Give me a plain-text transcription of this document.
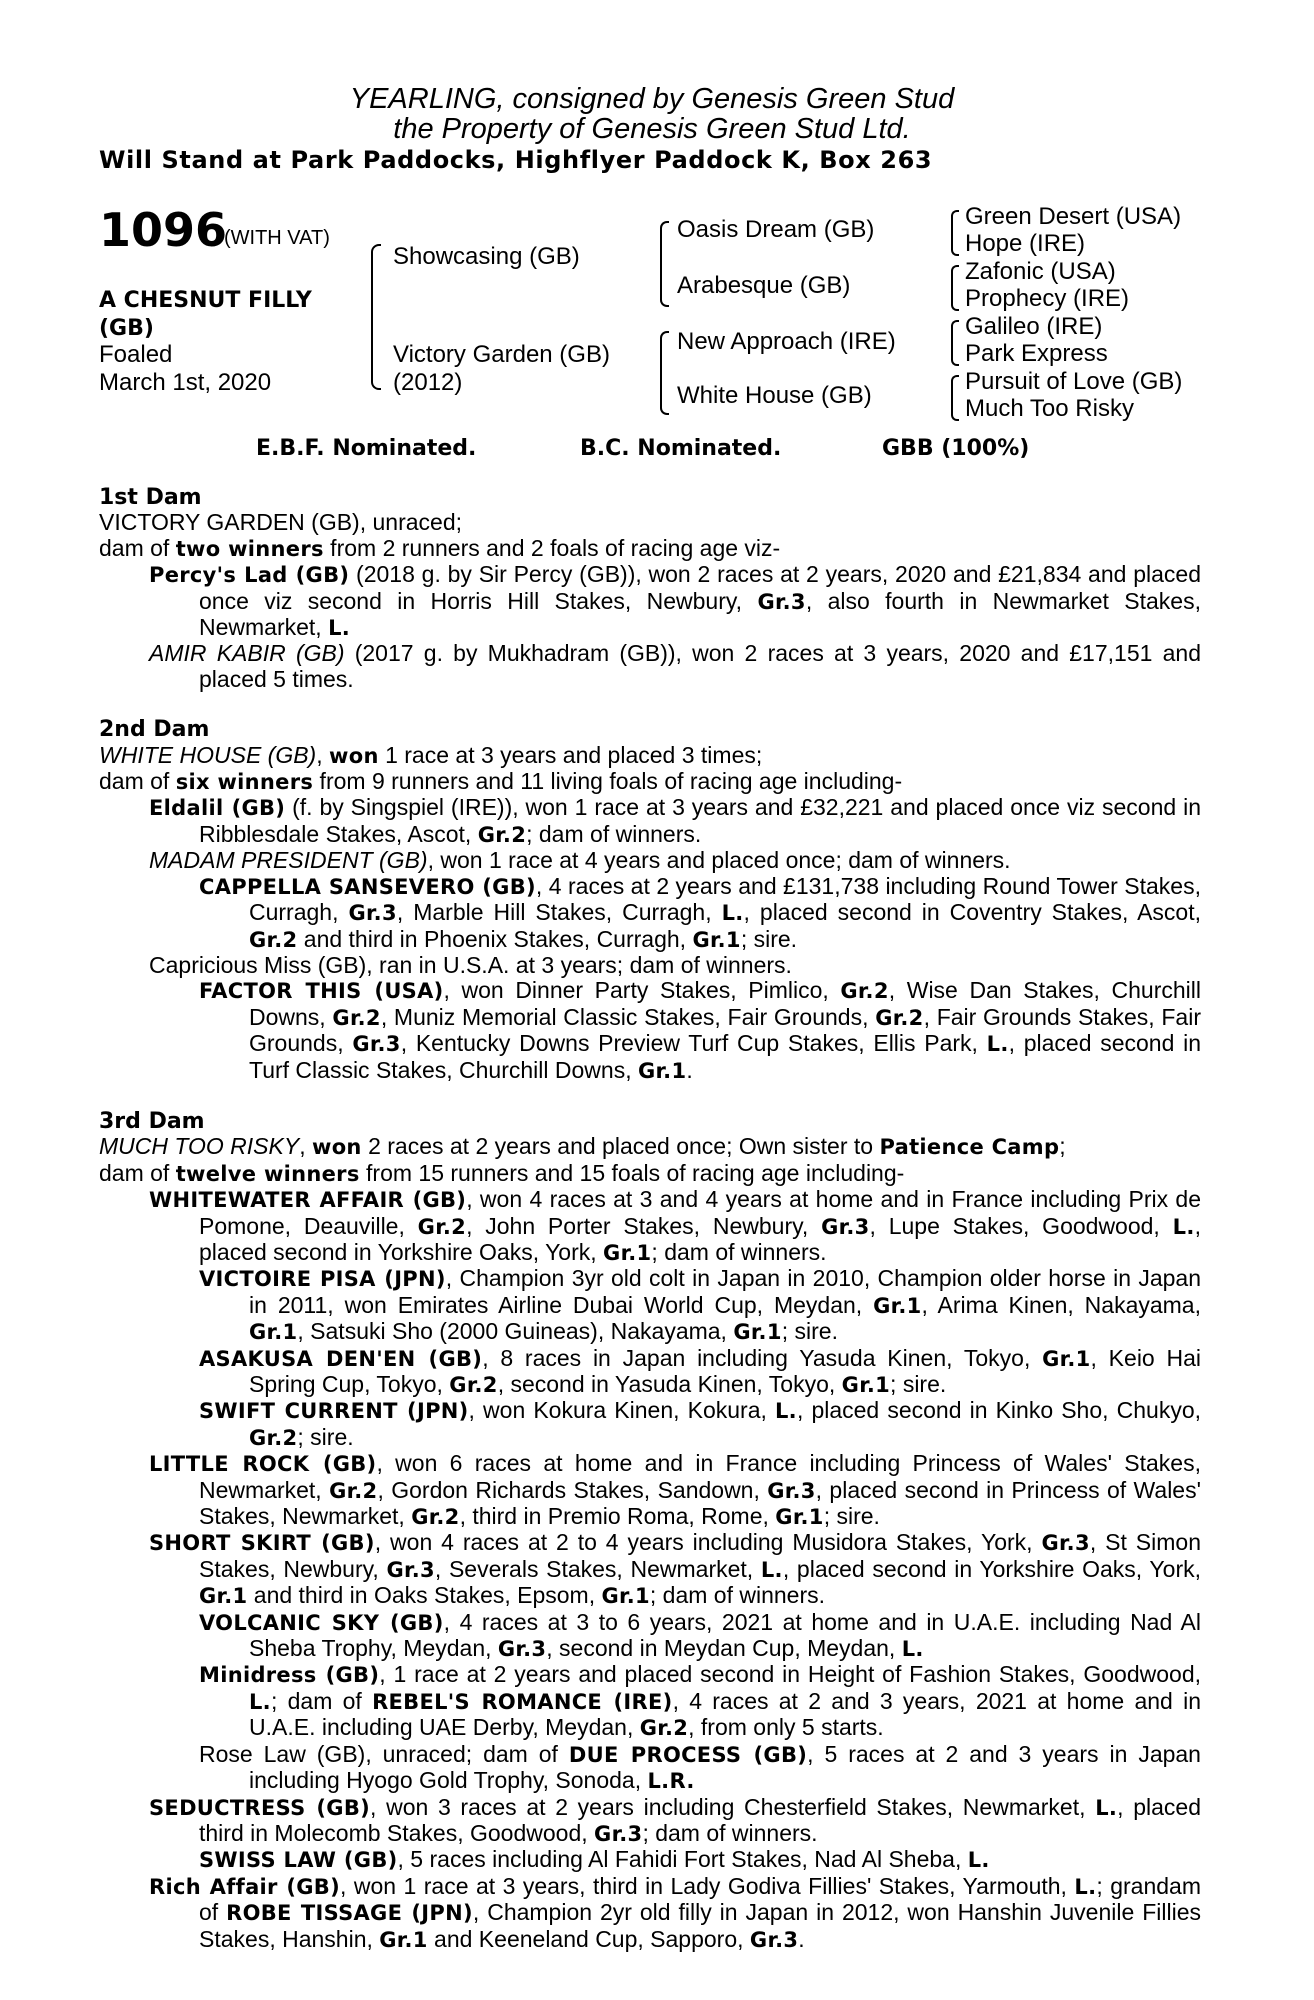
YEARLING, consigned by Genesis Green Stud
the Property of Genesis Green Stud Ltd.
Will Stand at Park Paddocks, Highflyer Paddock K, Box 263
1096
(WITH VAT)
A CHESNUT FILLY
(GB)
Foaled
March 1st, 2020
Showcasing (GB)
Victory Garden (GB)
(2012)
Oasis Dream (GB)
Arabesque (GB)
New Approach (IRE)
White House (GB)
Green Desert (USA)
Hope (IRE)
Zafonic (USA)
Prophecy (IRE)
Galileo (IRE)
Park Express
Pursuit of Love (GB)
Much Too Risky
E.B.F. Nominated.	B.C. Nominated.	GBB (100%)
1st Dam
VICTORY GARDEN (GB), unraced;
dam of two winners from 2 runners and 2 foals of racing age viz-
Percy's Lad (GB) (2018 g. by Sir Percy (GB)), won 2 races at 2 years, 2020 and £21,834 and placed once viz second in Horris Hill Stakes, Newbury, Gr.3, also fourth in Newmarket Stakes, Newmarket, L.
AMIR KABIR (GB) (2017 g. by Mukhadram (GB)), won 2 races at 3 years, 2020 and £17,151 and placed 5 times.
2nd Dam
WHITE HOUSE (GB), won 1 race at 3 years and placed 3 times;
dam of six winners from 9 runners and 11 living foals of racing age including-
Eldalil (GB) (f. by Singspiel (IRE)), won 1 race at 3 years and £32,221 and placed once viz second in Ribblesdale Stakes, Ascot, Gr.2; dam of winners.
MADAM PRESIDENT (GB), won 1 race at 4 years and placed once; dam of winners.
CAPPELLA SANSEVERO (GB), 4 races at 2 years and £131,738 including Round Tower Stakes, Curragh, Gr.3, Marble Hill Stakes, Curragh, L., placed second in Coventry Stakes, Ascot, Gr.2 and third in Phoenix Stakes, Curragh, Gr.1; sire.
Capricious Miss (GB), ran in U.S.A. at 3 years; dam of winners.
FACTOR THIS (USA), won Dinner Party Stakes, Pimlico, Gr.2, Wise Dan Stakes, Churchill Downs, Gr.2, Muniz Memorial Classic Stakes, Fair Grounds, Gr.2, Fair Grounds Stakes, Fair Grounds, Gr.3, Kentucky Downs Preview Turf Cup Stakes, Ellis Park, L., placed second in Turf Classic Stakes, Churchill Downs, Gr.1.
3rd Dam
MUCH TOO RISKY, won 2 races at 2 years and placed once; Own sister to Patience Camp;
dam of twelve winners from 15 runners and 15 foals of racing age including-
WHITEWATER AFFAIR (GB), won 4 races at 3 and 4 years at home and in France including Prix de Pomone, Deauville, Gr.2, John Porter Stakes, Newbury, Gr.3, Lupe Stakes, Goodwood, L., placed second in Yorkshire Oaks, York, Gr.1; dam of winners.
VICTOIRE PISA (JPN), Champion 3yr old colt in Japan in 2010, Champion older horse in Japan in 2011, won Emirates Airline Dubai World Cup, Meydan, Gr.1, Arima Kinen, Nakayama, Gr.1, Satsuki Sho (2000 Guineas), Nakayama, Gr.1; sire.
ASAKUSA DEN'EN (GB), 8 races in Japan including Yasuda Kinen, Tokyo, Gr.1, Keio Hai Spring Cup, Tokyo, Gr.2, second in Yasuda Kinen, Tokyo, Gr.1; sire.
SWIFT CURRENT (JPN), won Kokura Kinen, Kokura, L., placed second in Kinko Sho, Chukyo, Gr.2; sire.
LITTLE ROCK (GB), won 6 races at home and in France including Princess of Wales' Stakes, Newmarket, Gr.2, Gordon Richards Stakes, Sandown, Gr.3, placed second in Princess of Wales' Stakes, Newmarket, Gr.2, third in Premio Roma, Rome, Gr.1; sire.
SHORT SKIRT (GB), won 4 races at 2 to 4 years including Musidora Stakes, York, Gr.3, St Simon Stakes, Newbury, Gr.3, Severals Stakes, Newmarket, L., placed second in Yorkshire Oaks, York, Gr.1 and third in Oaks Stakes, Epsom, Gr.1; dam of winners.
VOLCANIC SKY (GB), 4 races at 3 to 6 years, 2021 at home and in U.A.E. including Nad Al Sheba Trophy, Meydan, Gr.3, second in Meydan Cup, Meydan, L.
Minidress (GB), 1 race at 2 years and placed second in Height of Fashion Stakes, Goodwood, L.; dam of REBEL'S ROMANCE (IRE), 4 races at 2 and 3 years, 2021 at home and in U.A.E. including UAE Derby, Meydan, Gr.2, from only 5 starts.
Rose Law (GB), unraced; dam of DUE PROCESS (GB), 5 races at 2 and 3 years in Japan including Hyogo Gold Trophy, Sonoda, L.R.
SEDUCTRESS (GB), won 3 races at 2 years including Chesterfield Stakes, Newmarket, L., placed third in Molecomb Stakes, Goodwood, Gr.3; dam of winners.
SWISS LAW (GB), 5 races including Al Fahidi Fort Stakes, Nad Al Sheba, L.
Rich Affair (GB), won 1 race at 3 years, third in Lady Godiva Fillies' Stakes, Yarmouth, L.; grandam of ROBE TISSAGE (JPN), Champion 2yr old filly in Japan in 2012, won Hanshin Juvenile Fillies Stakes, Hanshin, Gr.1 and Keeneland Cup, Sapporo, Gr.3.
